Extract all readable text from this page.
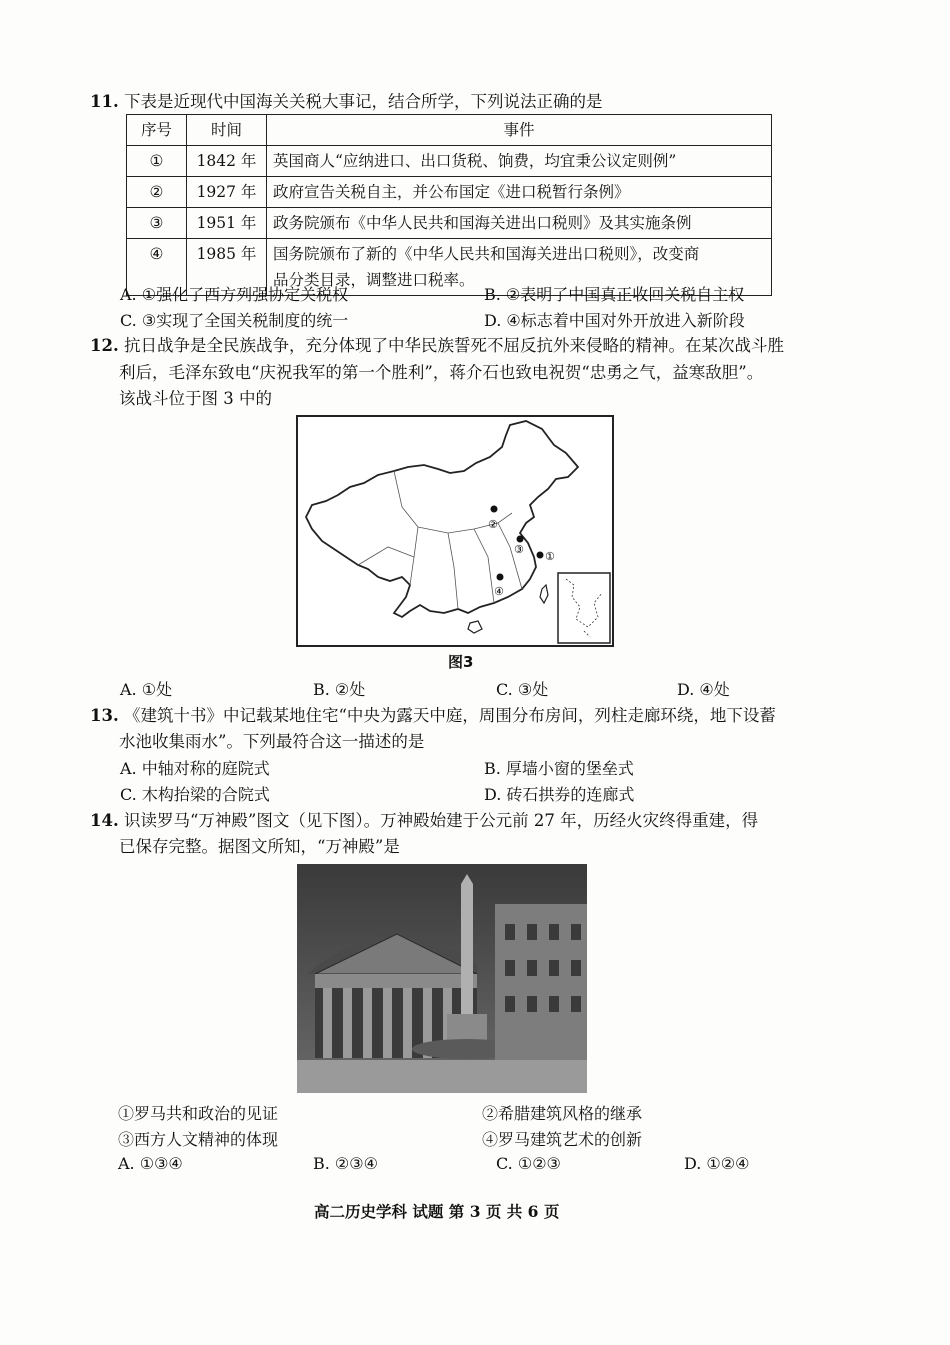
11. 下表是近现代中国海关关税大事记，结合所学，下列说法正确的是
序号	时间	事件
①	1842 年	英国商人“应纳进口、出口货税、饷费，均宜秉公议定则例”
②	1927 年	政府宣告关税自主，并公布国定《进口税暂行条例》
③	1951 年	政务院颁布《中华人民共和国海关进出口税则》及其实施条例
④	1985 年	国务院颁布了新的《中华人民共和国海关进出口税则》，改变商
品分类目录，调整进口税率。
A. ①强化了西方列强协定关税权	B. ②表明了中国真正收回关税自主权
C. ③实现了全国关税制度的统一	D. ④标志着中国对外开放进入新阶段
12. 抗日战争是全民族战争，充分体现了中华民族誓死不屈反抗外来侵略的精神。在某次战斗胜
利后，毛泽东致电“庆祝我军的第一个胜利”，蒋介石也致电祝贺“忠勇之气，益寒敌胆”。
该战斗位于图 3 中的
①
②
③
④
图3
A. ①处	B. ②处	C. ③处	D. ④处
13. 《建筑十书》中记载某地住宅“中央为露天中庭，周围分布房间，列柱走廊环绕，地下设蓄
水池收集雨水”。下列最符合这一描述的是
A. 中轴对称的庭院式	B. 厚墙小窗的堡垒式
C. 木构抬梁的合院式	D. 砖石拱券的连廊式
14. 识读罗马“万神殿”图文（见下图）。万神殿始建于公元前 27 年，历经火灾终得重建，得
已保存完整。据图文所知，“万神殿”是
①罗马共和政治的见证	②希腊建筑风格的继承
③西方人文精神的体现	④罗马建筑艺术的创新
A. ①③④	B. ②③④	C. ①②③	D. ①②④
高二历史学科 试题 第 3 页 共 6 页
